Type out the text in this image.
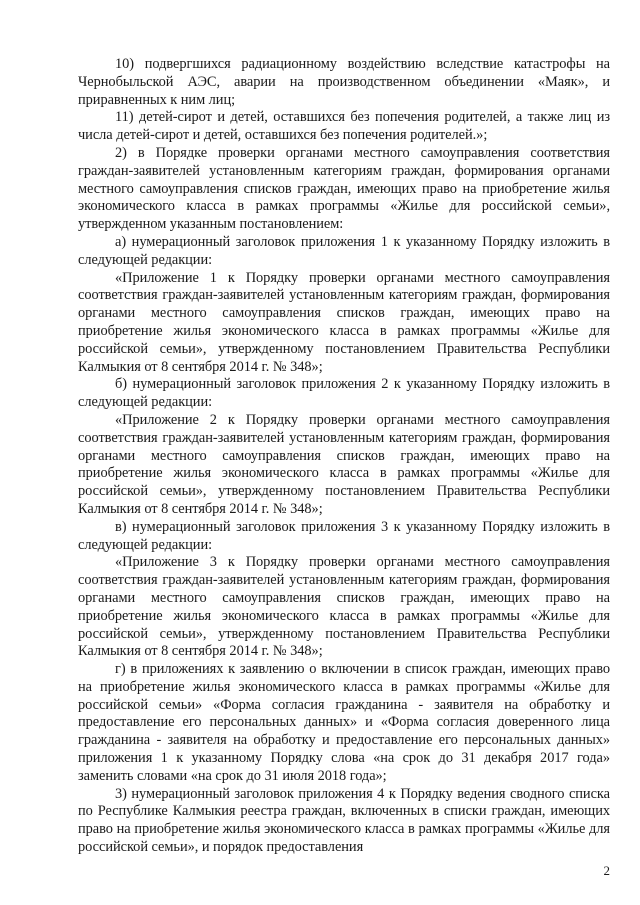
10) подвергшихся радиационному воздействию вследствие катастрофы на Чернобыльской АЭС, аварии на производственном объединении «Маяк», и приравненных к ним лиц;

11) детей-сирот и детей, оставшихся без попечения родителей, а также лиц из числа детей-сирот и детей, оставшихся без попечения родителей.»;

2) в Порядке проверки органами местного самоуправления соответствия граждан-заявителей установленным категориям граждан, формирования органами местного самоуправления списков граждан, имеющих право на приобретение жилья экономического класса в рамках программы «Жилье для российской семьи», утвержденном указанным постановлением:

а) нумерационный заголовок приложения 1 к указанному Порядку изложить в следующей редакции:

«Приложение 1 к Порядку проверки органами местного самоуправления соответствия граждан-заявителей установленным категориям граждан, формирования органами местного самоуправления списков граждан, имеющих право на приобретение жилья экономического класса в рамках программы «Жилье для российской семьи», утвержденному постановлением Правительства Республики Калмыкия от 8 сентября 2014 г. № 348»;

б) нумерационный заголовок приложения 2 к указанному Порядку изложить в следующей редакции:

«Приложение 2 к Порядку проверки органами местного самоуправления соответствия граждан-заявителей установленным категориям граждан, формирования органами местного самоуправления списков граждан, имеющих право на приобретение жилья экономического класса в рамках программы «Жилье для российской семьи», утвержденному постановлением Правительства Республики Калмыкия от 8 сентября 2014 г. № 348»;

в) нумерационный заголовок приложения 3 к указанному Порядку изложить в следующей редакции:

«Приложение 3 к Порядку проверки органами местного самоуправления соответствия граждан-заявителей установленным категориям граждан, формирования органами местного самоуправления списков граждан, имеющих право на приобретение жилья экономического класса в рамках программы «Жилье для российской семьи», утвержденному постановлением Правительства Республики Калмыкия от 8 сентября 2014 г. № 348»;

г) в приложениях к заявлению о включении в список граждан, имеющих право на приобретение жилья экономического класса в рамках программы «Жилье для российской семьи» «Форма согласия гражданина - заявителя на обработку и предоставление его персональных данных» и «Форма согласия доверенного лица гражданина - заявителя на обработку и предоставление его персональных данных» приложения 1 к указанному Порядку слова «на срок до 31 декабря 2017 года» заменить словами «на срок до 31 июля 2018 года»;

3) нумерационный заголовок приложения 4 к Порядку ведения сводного списка по Республике Калмыкия реестра граждан, включенных в списки граждан, имеющих право на приобретение жилья экономического класса в рамках программы «Жилье для российской семьи», и порядок предоставления

2
